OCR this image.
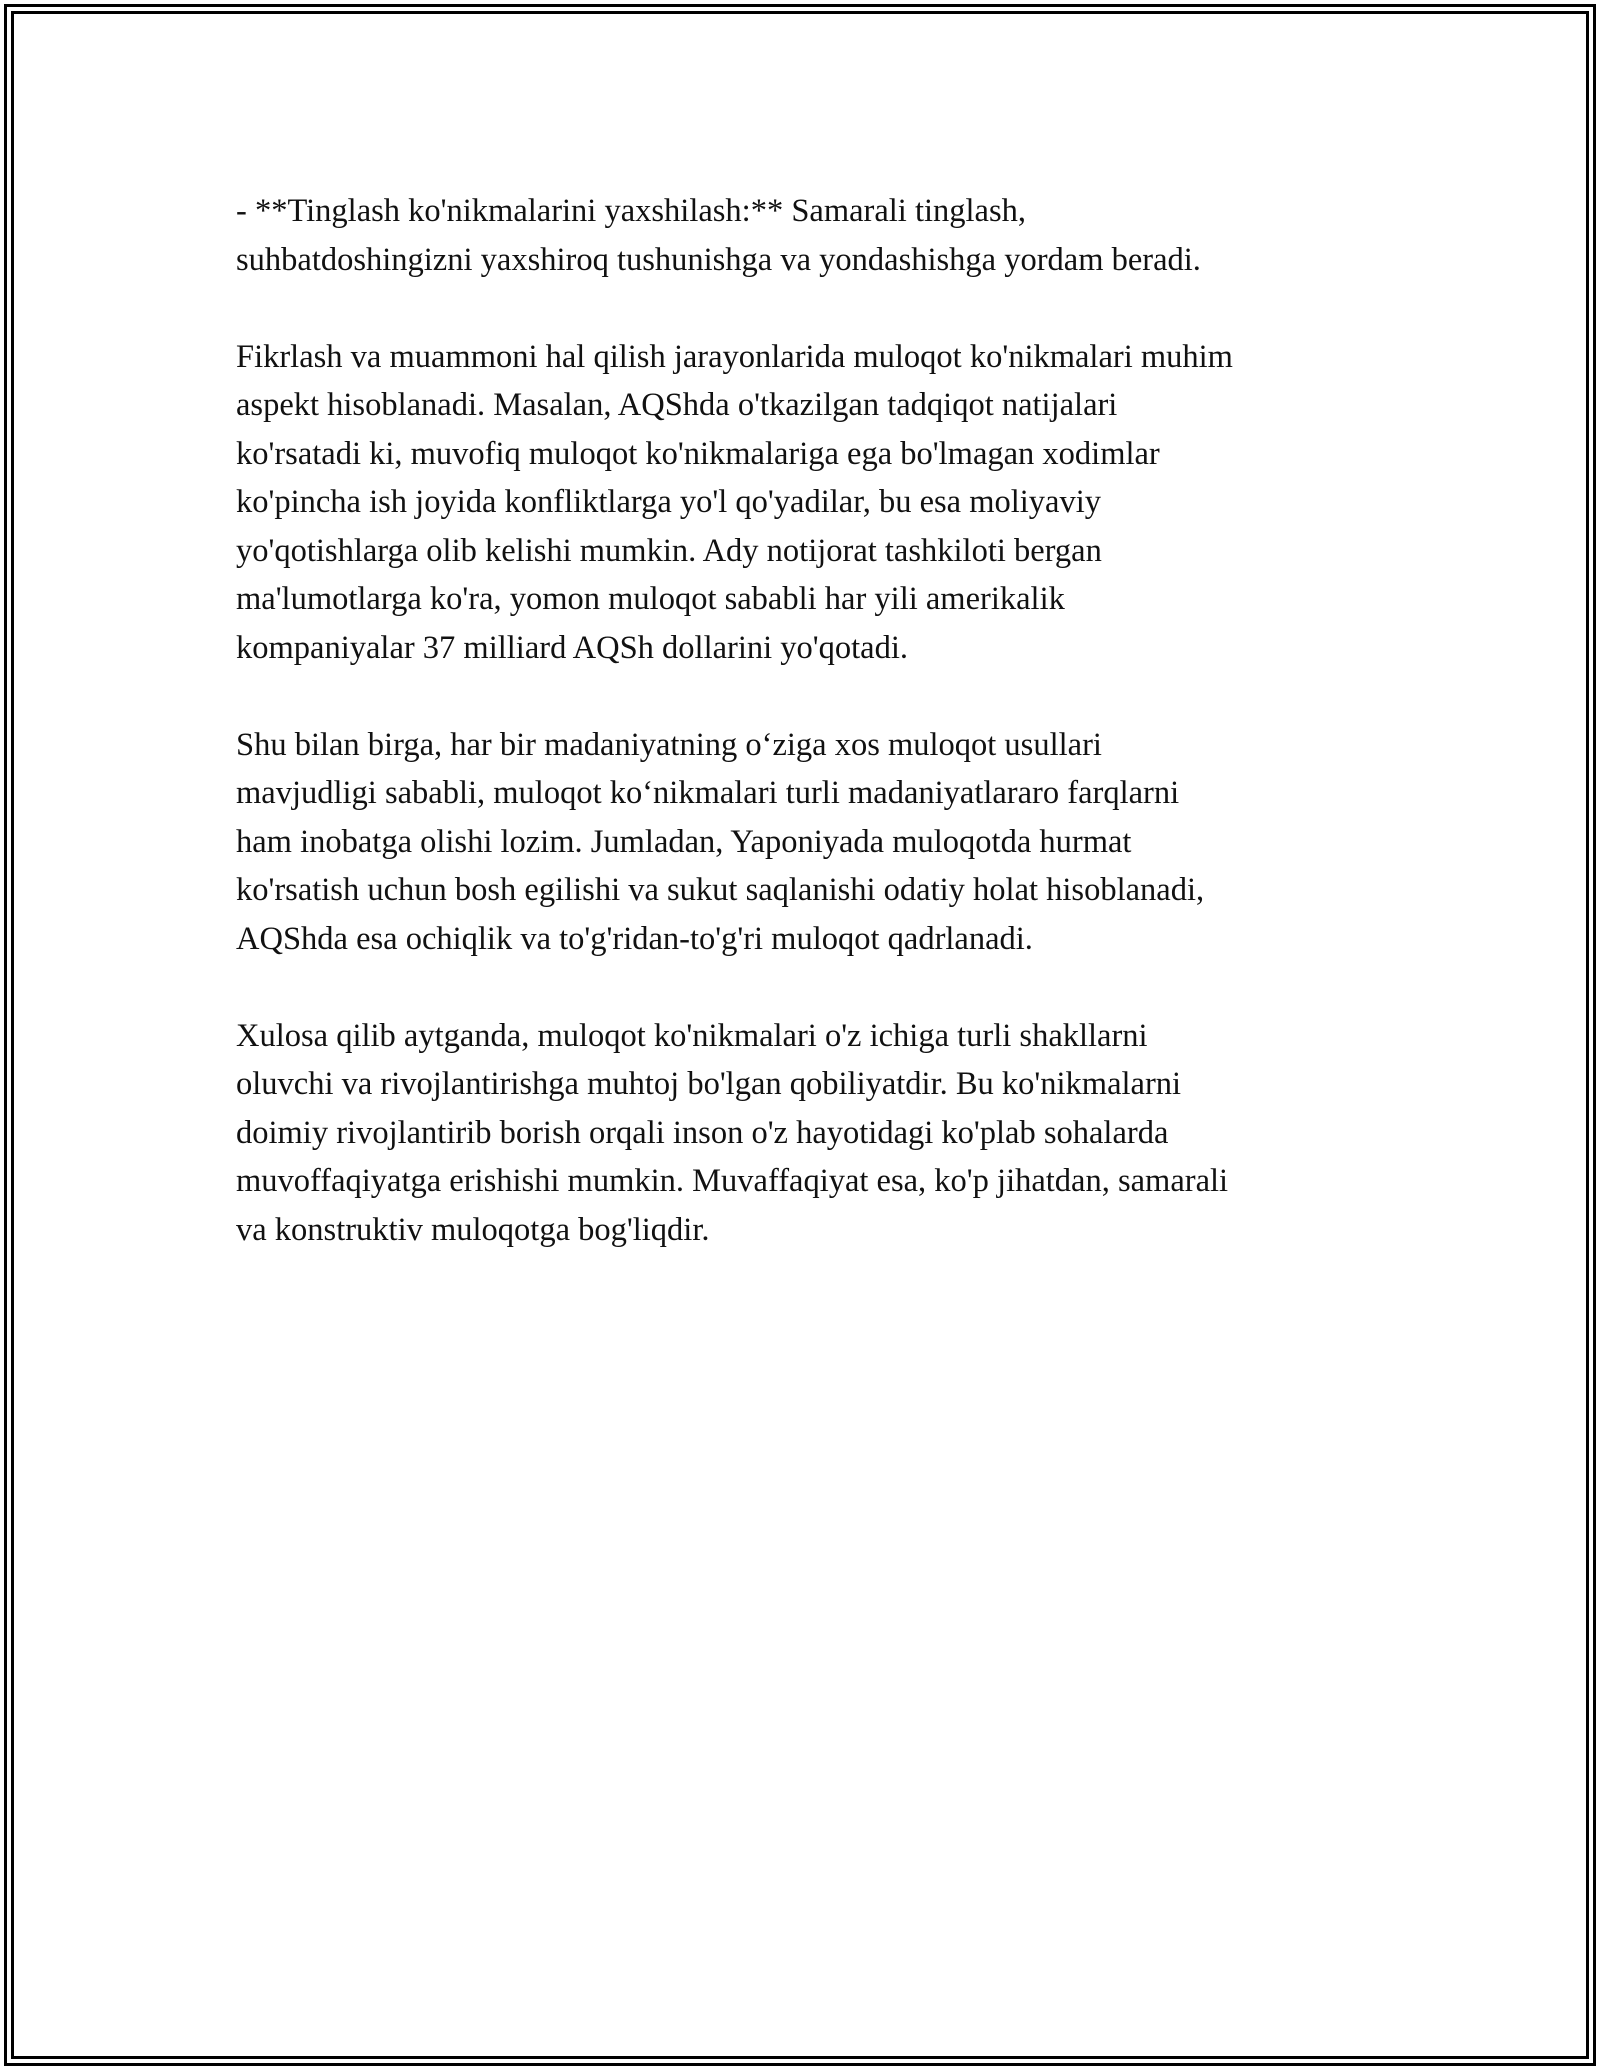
- **Tinglash ko'nikmalarini yaxshilash:** Samarali tinglash,
suhbatdoshingizni yaxshiroq tushunishga va yondashishga yordam beradi.

Fikrlash va muammoni hal qilish jarayonlarida muloqot ko'nikmalari muhim
aspekt hisoblanadi. Masalan, AQShda o'tkazilgan tadqiqot natijalari
ko'rsatadi ki, muvofiq muloqot ko'nikmalariga ega bo'lmagan xodimlar
ko'pincha ish joyida konfliktlarga yo'l qo'yadilar, bu esa moliyaviy
yo'qotishlarga olib kelishi mumkin. Ady notijorat tashkiloti bergan
ma'lumotlarga ko'ra, yomon muloqot sababli har yili amerikalik
kompaniyalar 37 milliard AQSh dollarini yo'qotadi.

Shu bilan birga, har bir madaniyatning o‘ziga xos muloqot usullari
mavjudligi sababli, muloqot ko‘nikmalari turli madaniyatlararo farqlarni
ham inobatga olishi lozim. Jumladan, Yaponiyada muloqotda hurmat
ko'rsatish uchun bosh egilishi va sukut saqlanishi odatiy holat hisoblanadi,
AQShda esa ochiqlik va to'g'ridan-to'g'ri muloqot qadrlanadi.

Xulosa qilib aytganda, muloqot ko'nikmalari o'z ichiga turli shakllarni
oluvchi va rivojlantirishga muhtoj bo'lgan qobiliyatdir. Bu ko'nikmalarni
doimiy rivojlantirib borish orqali inson o'z hayotidagi ko'plab sohalarda
muvoffaqiyatga erishishi mumkin. Muvaffaqiyat esa, ko'p jihatdan, samarali
va konstruktiv muloqotga bog'liqdir.
